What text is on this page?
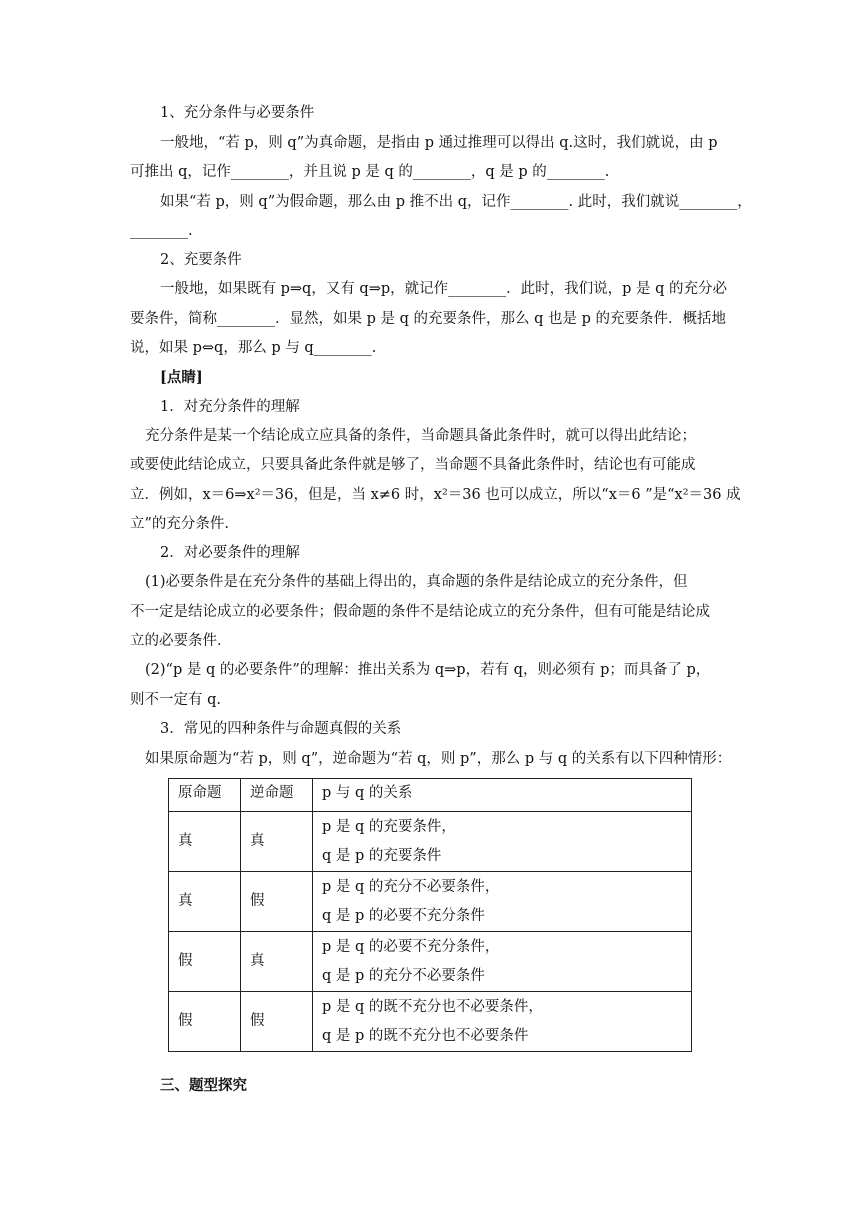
1、充分条件与必要条件
一般地，“若 p，则 q”为真命题，是指由 p 通过推理可以得出 q.这时，我们就说，由 p
可推出 q，记作________，并且说 p 是 q 的________，q 是 p 的________.
如果“若 p，则 q”为假命题，那么由 p 推不出 q，记作________. 此时，我们就说________，
________.
2、充要条件
一般地，如果既有 p⇒q，又有 q⇒p，就记作________．此时，我们说，p 是 q 的充分必
要条件，简称________．显然，如果 p 是 q 的充要条件，那么 q 也是 p 的充要条件．概括地
说，如果 p⇔q，那么 p 与 q________.
[点睛]
1．对充分条件的理解
充分条件是某一个结论成立应具备的条件，当命题具备此条件时，就可以得出此结论；
或要使此结论成立，只要具备此条件就是够了，当命题不具备此条件时，结论也有可能成
立．例如，x＝6⇒x²＝36，但是，当 x≠6 时，x²＝36 也可以成立，所以“x＝6 ”是“x²＝36 成
立”的充分条件.
2．对必要条件的理解
(1)必要条件是在充分条件的基础上得出的，真命题的条件是结论成立的充分条件，但
不一定是结论成立的必要条件；假命题的条件不是结论成立的充分条件，但有可能是结论成
立的必要条件．
(2)“p 是 q 的必要条件”的理解：推出关系为 q⇒p，若有 q，则必须有 p；而具备了 p，
则不一定有 q.
3．常见的四种条件与命题真假的关系
如果原命题为“若 p，则 q”，逆命题为“若 q，则 p”，那么 p 与 q 的关系有以下四种情形：
原命题	逆命题	p 与 q 的关系

真	真	p 是 q 的充要条件，
q 是 p 的充要条件

真	假	p 是 q 的充分不必要条件，
q 是 p 的必要不充分条件

假	真	p 是 q 的必要不充分条件，
q 是 p 的充分不必要条件

假	假	p 是 q 的既不充分也不必要条件，
q 是 p 的既不充分也不必要条件
三、题型探究
